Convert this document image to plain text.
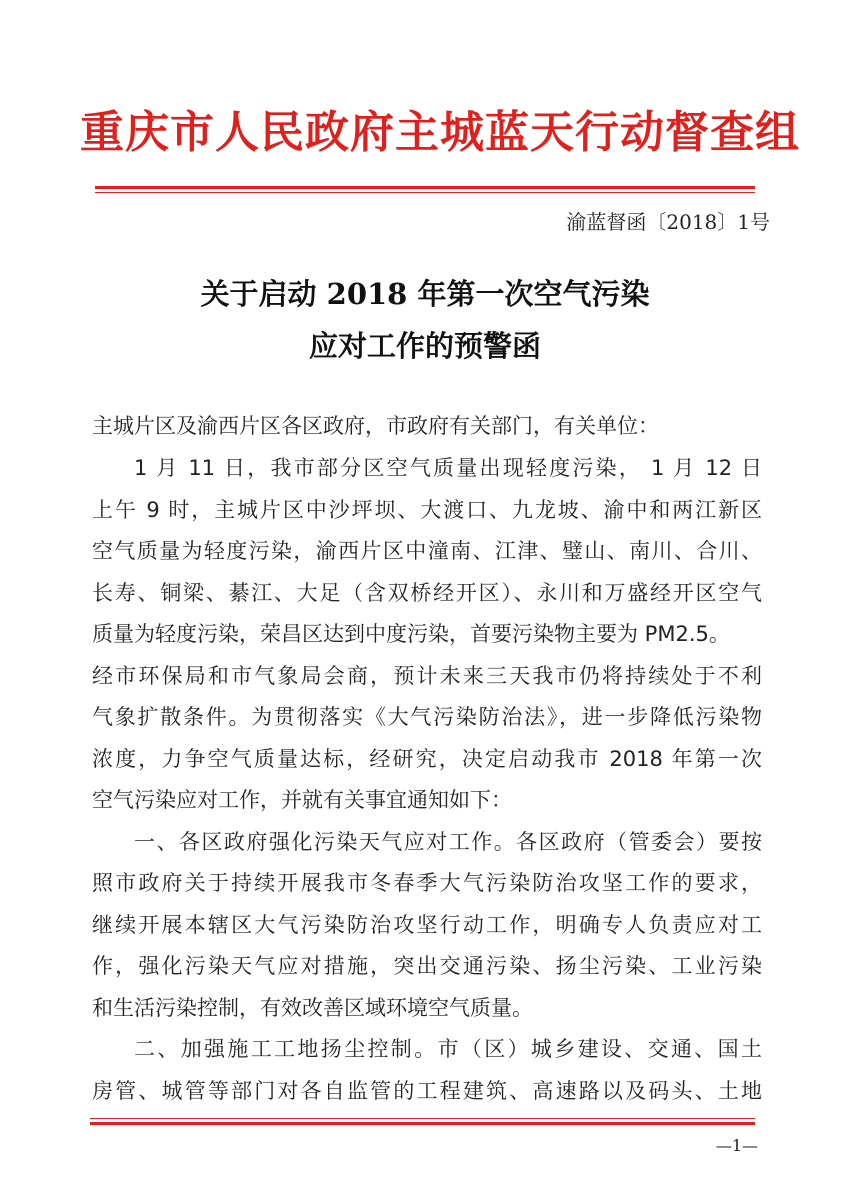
重庆市人民政府主城蓝天行动督查组
渝蓝督函〔2018〕1号
关于启动 2018 年第一次空气污染
应对工作的预警函
主城片区及渝西片区各区政府，市政府有关部门，有关单位：
1 月 11 日，我市部分区空气质量出现轻度污染， 1 月 12 日
上午 9 时，主城片区中沙坪坝、大渡口、九龙坡、渝中和两江新区
空气质量为轻度污染，渝西片区中潼南、江津、璧山、南川、合川、
长寿、铜梁、綦江、大足（含双桥经开区）、永川和万盛经开区空气
质量为轻度污染，荣昌区达到中度污染，首要污染物主要为 PM2.5。
经市环保局和市气象局会商，预计未来三天我市仍将持续处于不利
气象扩散条件。为贯彻落实《大气污染防治法》，进一步降低污染物
浓度，力争空气质量达标，经研究，决定启动我市 2018 年第一次
空气污染应对工作，并就有关事宜通知如下：
一、各区政府强化污染天气应对工作。各区政府（管委会）要按
照市政府关于持续开展我市冬春季大气污染防治攻坚工作的要求，
继续开展本辖区大气污染防治攻坚行动工作，明确专人负责应对工
作，强化污染天气应对措施，突出交通污染、扬尘污染、工业污染
和生活污染控制，有效改善区域环境空气质量。
二、加强施工工地扬尘控制。市（区）城乡建设、交通、国土
—1—
房管、城管等部门对各自监管的工程建筑、高速路以及码头、土地
